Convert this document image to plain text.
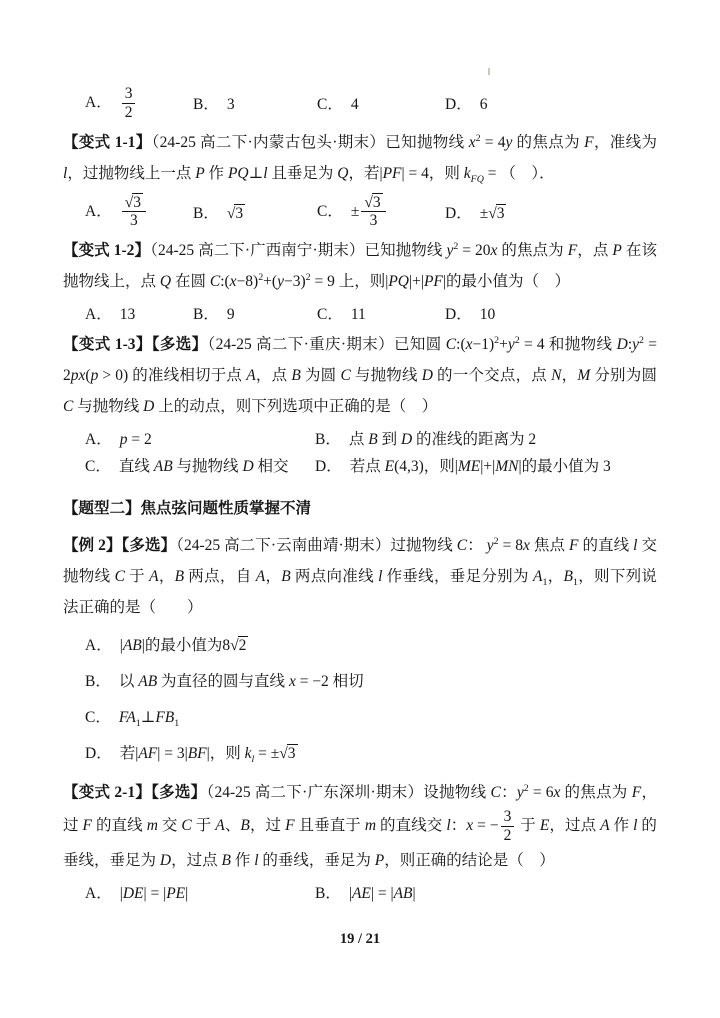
A． $\frac{3}{2}$	B． 3	C． 4	D． 6
【变式 1-1】（24-25 高二下·内蒙古包头·期末）已知抛物线 $x^2 = 4y$ 的焦点为 F，准线为 l，过抛物线上一点 P 作 PQ⊥l 且垂足为 Q，若|PF| = 4，则 $k_{FQ}$ = （　）．
A． $\frac{√3}{3}$	B． √3	C． ± $\frac{√3}{3}$	D． ±√3
【变式 1-2】（24-25 高二下·广西南宁·期末）已知抛物线 $y^2 = 20x$ 的焦点为 F，点 P 在该抛物线上，点 Q 在圆 $C:(x-8)^2+(y-3)^2 = 9$ 上，则|PQ|+|PF|的最小值为（　）
A． 13	B． 9	C． 11	D． 10
【变式 1-3】【多选】（24-25 高二下·重庆·期末）已知圆 $C:(x-1)^2+y^2 = 4$ 和抛物线 $D:y^2 = 2px(p > 0)$ 的准线相切于点 A，点 B 为圆 C 与抛物线 D 的一个交点，点 N，M 分别为圆 C 与抛物线 D 上的动点，则下列选项中正确的是（　）
A． p = 2	B． 点 B 到 D 的准线的距离为 2
C． 直线 AB 与抛物线 D 相交	D． 若点 E(4,3)，则|ME|+|MN|的最小值为 3
【题型二】焦点弦问题性质掌握不清
【例 2】【多选】（24-25 高二下·云南曲靖·期末）过抛物线 C： $y^2 = 8x$ 焦点 F 的直线 l 交抛物线 C 于 A，B 两点，自 A，B 两点向准线 l 作垂线，垂足分别为 $A_1$，$B_1$，则下列说法正确的是（　　）
A． |AB|的最小值为8√2
B． 以 AB 为直径的圆与直线 x = −2 相切
C． $FA_1\perp FB_1$
D． 若|AF| = 3|BF|，则 $k_l = \pm√3$
【变式 2-1】【多选】（24-25 高二下·广东深圳·期末）设抛物线 C：$y^2 = 6x$ 的焦点为 F，过 F 的直线 m 交 C 于 A、B，过 F 且垂直于 m 的直线交 l：x = − $\frac{3}{2}$ 于 E，过点 A 作 l 的垂线，垂足为 D，过点 B 作 l 的垂线，垂足为 P，则正确的结论是（　）
A． |DE| = |PE|	B． |AE| = |AB|
19 / 21
